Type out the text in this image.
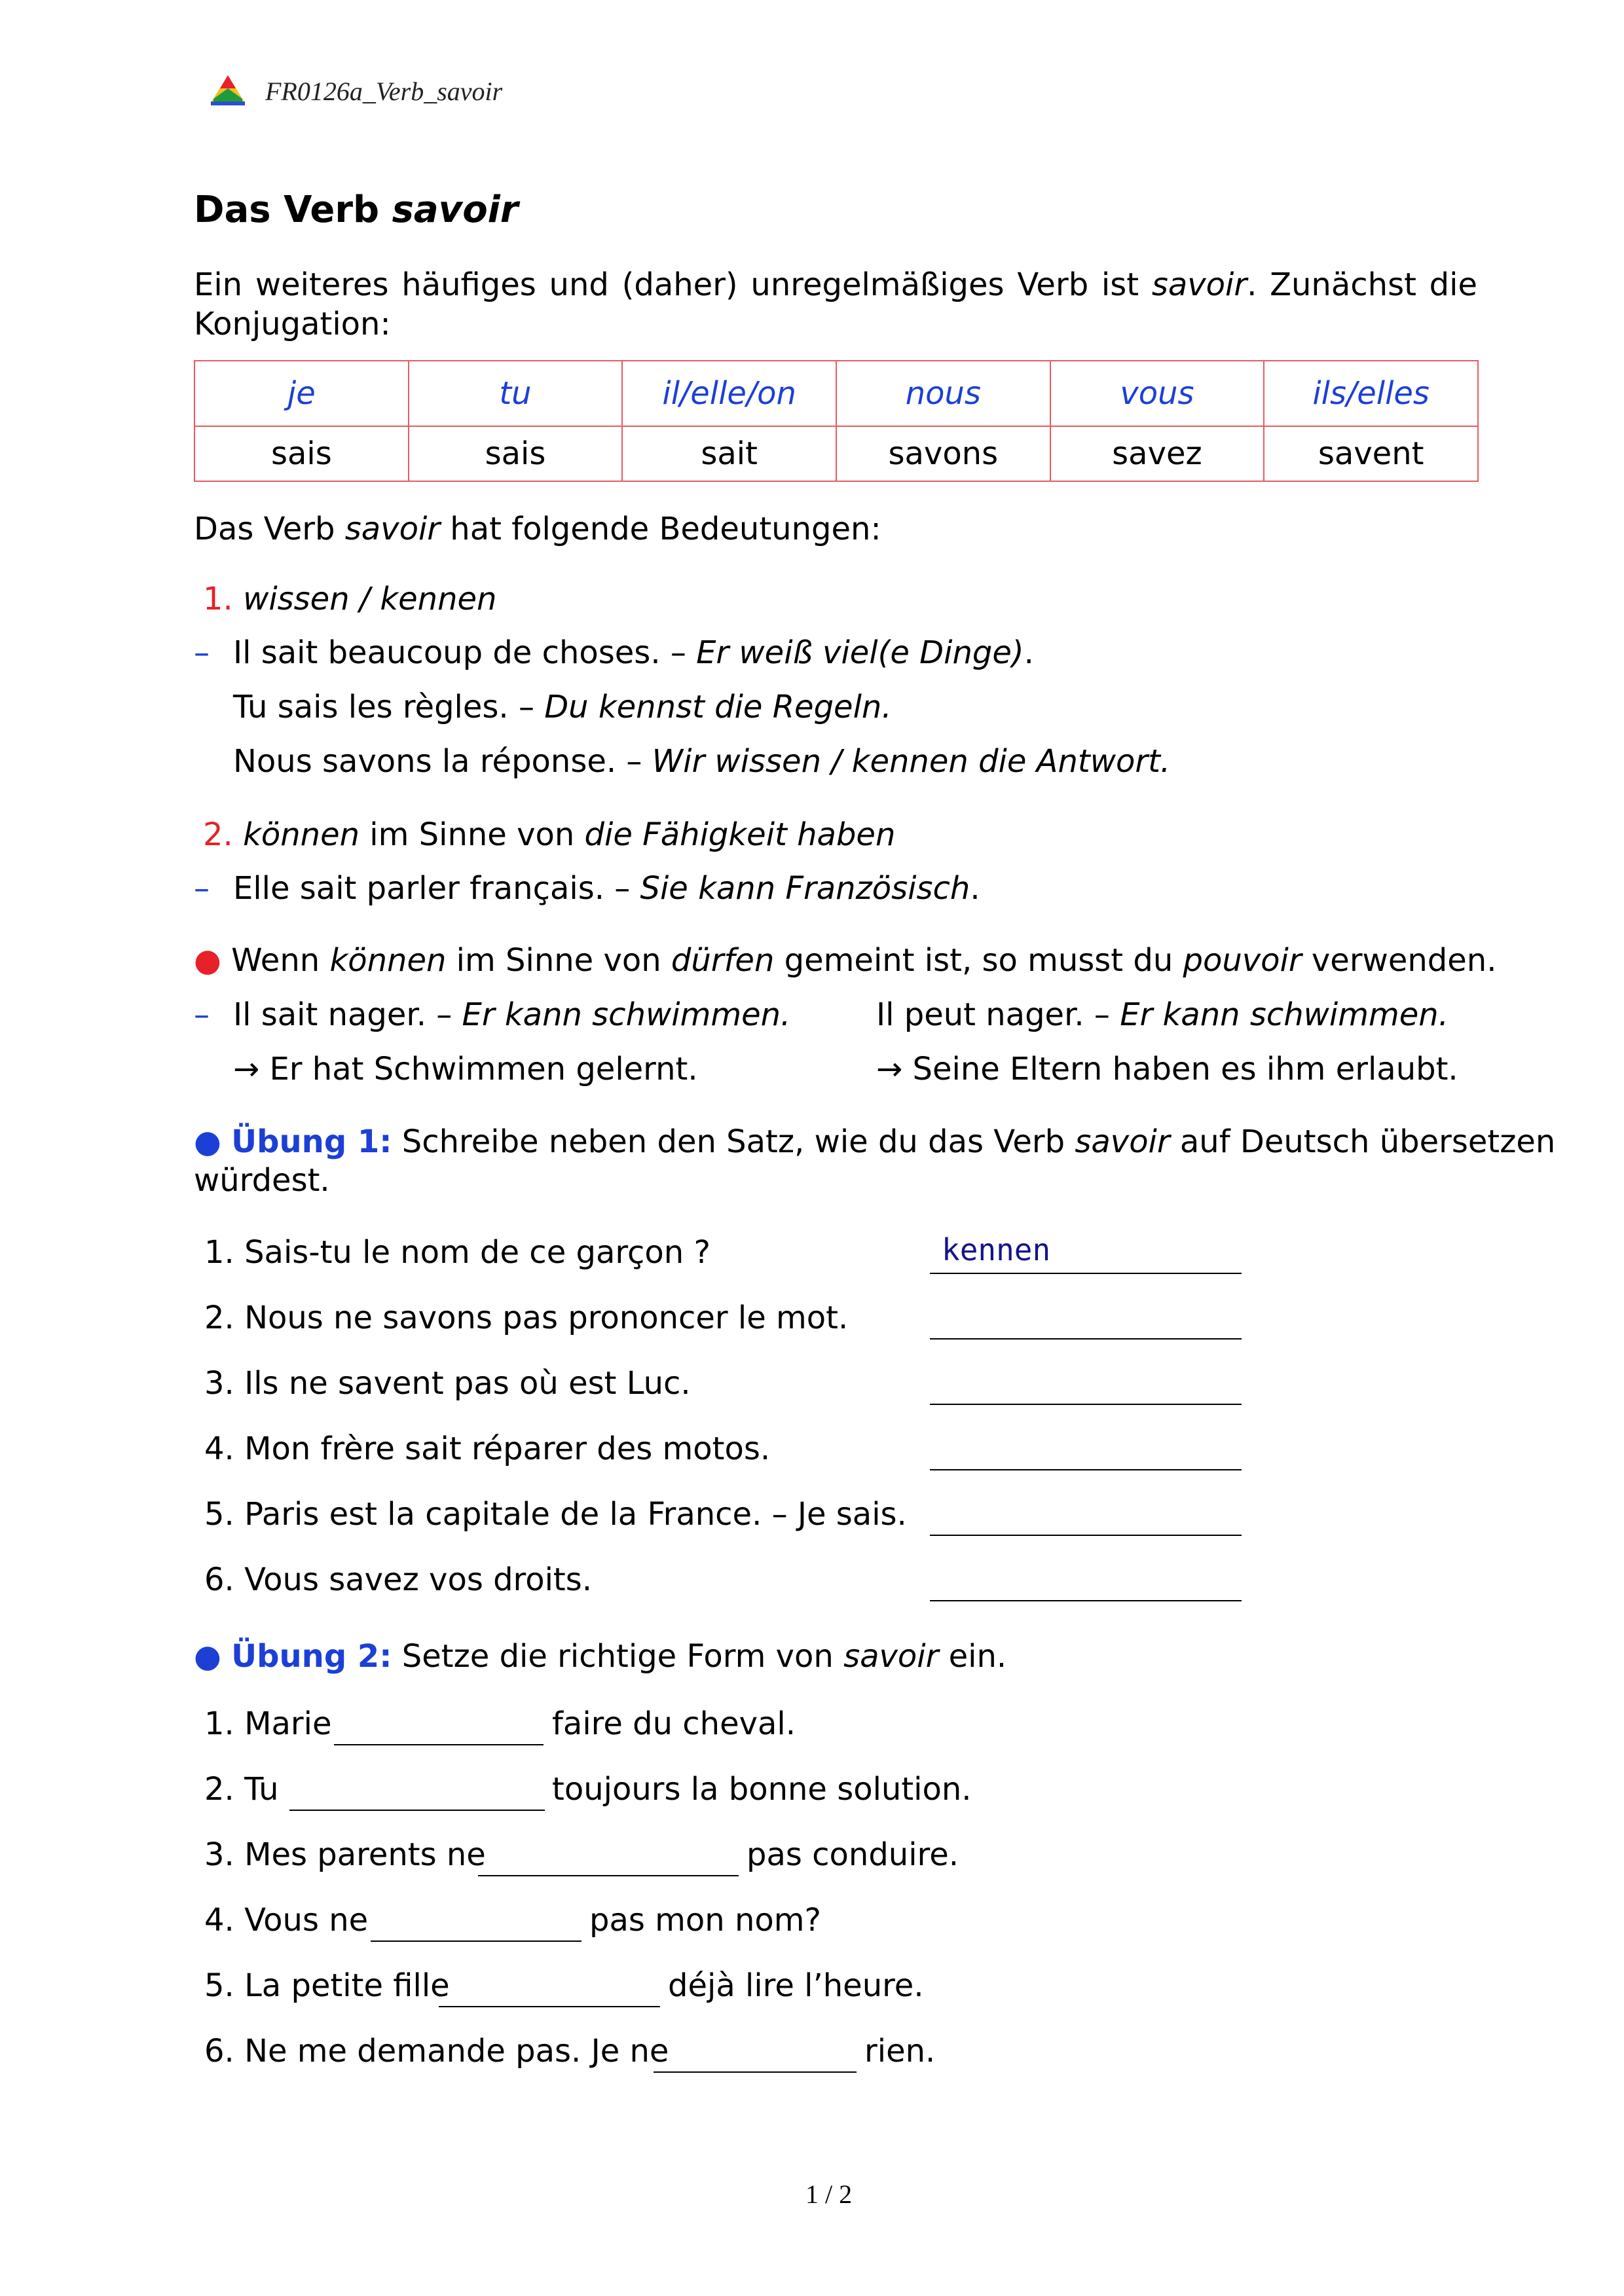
FR0126a_Verb_savoir
Das Verb savoir
Ein weiteres häufiges und (daher) unregelmäßiges Verb ist savoir. Zunächst die Konjugation:
je	tu	il/elle/on	nous	vous	ils/elles
sais	sais	sait	savons	savez	savent
Das Verb savoir hat folgende Bedeutungen:
1. wissen / kennen
– Il sait beaucoup de choses. – Er weiß viel(e Dinge).
Tu sais les règles. – Du kennst die Regeln.
Nous savons la réponse. – Wir wissen / kennen die Antwort.
2. können im Sinne von die Fähigkeit haben
– Elle sait parler français. – Sie kann Französisch.
● Wenn können im Sinne von dürfen gemeint ist, so musst du pouvoir verwenden.
– Il sait nager. – Er kann schwimmen.	Il peut nager. – Er kann schwimmen.
→ Er hat Schwimmen gelernt.	→ Seine Eltern haben es ihm erlaubt.
● Übung 1: Schreibe neben den Satz, wie du das Verb savoir auf Deutsch übersetzen
würdest.
1. Sais-tu le nom de ce garçon ?	kennen
2. Nous ne savons pas prononcer le mot.
3. Ils ne savent pas où est Luc.
4. Mon frère sait réparer des motos.
5. Paris est la capitale de la France. – Je sais.
6. Vous savez vos droits.
● Übung 2: Setze die richtige Form von savoir ein.
1. Marie	faire du cheval.
2. Tu	toujours la bonne solution.
3. Mes parents ne	pas conduire.
4. Vous ne	pas mon nom?
5. La petite fille	déjà lire l’heure.
6. Ne me demande pas. Je ne	rien.
1 / 2
